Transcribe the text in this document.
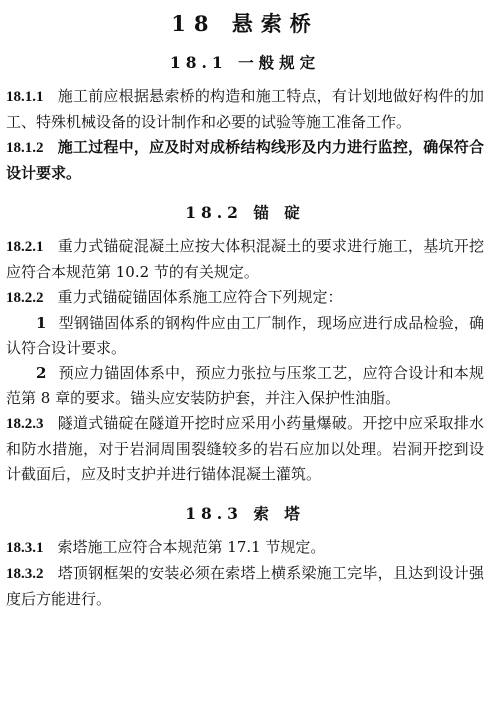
18 悬索桥
18.1 一般规定

18.1.1 施工前应根据悬索桥的构造和施工特点，有计划地做好构件的加工、特殊机械设备的设计制作和必要的试验等施工准备工作。

18.1.2 施工过程中，应及时对成桥结构线形及内力进行监控，确保符合设计要求。

18.2 锚 碇

18.2.1 重力式锚碇混凝土应按大体积混凝土的要求进行施工，基坑开挖应符合本规范第 10.2 节的有关规定。

18.2.2 重力式锚碇锚固体系施工应符合下列规定：

1 型钢锚固体系的钢构件应由工厂制作，现场应进行成品检验，确认符合设计要求。

2 预应力锚固体系中，预应力张拉与压浆工艺，应符合设计和本规范第 8 章的要求。锚头应安装防护套，并注入保护性油脂。

18.2.3 隧道式锚碇在隧道开挖时应采用小药量爆破。开挖中应采取排水和防水措施，对于岩洞周围裂缝较多的岩石应加以处理。岩洞开挖到设计截面后，应及时支护并进行锚体混凝土灌筑。

18.3 索 塔

18.3.1 索塔施工应符合本规范第 17.1 节规定。

18.3.2 塔顶钢框架的安装必须在索塔上横系梁施工完毕，且达到设计强度后方能进行。
